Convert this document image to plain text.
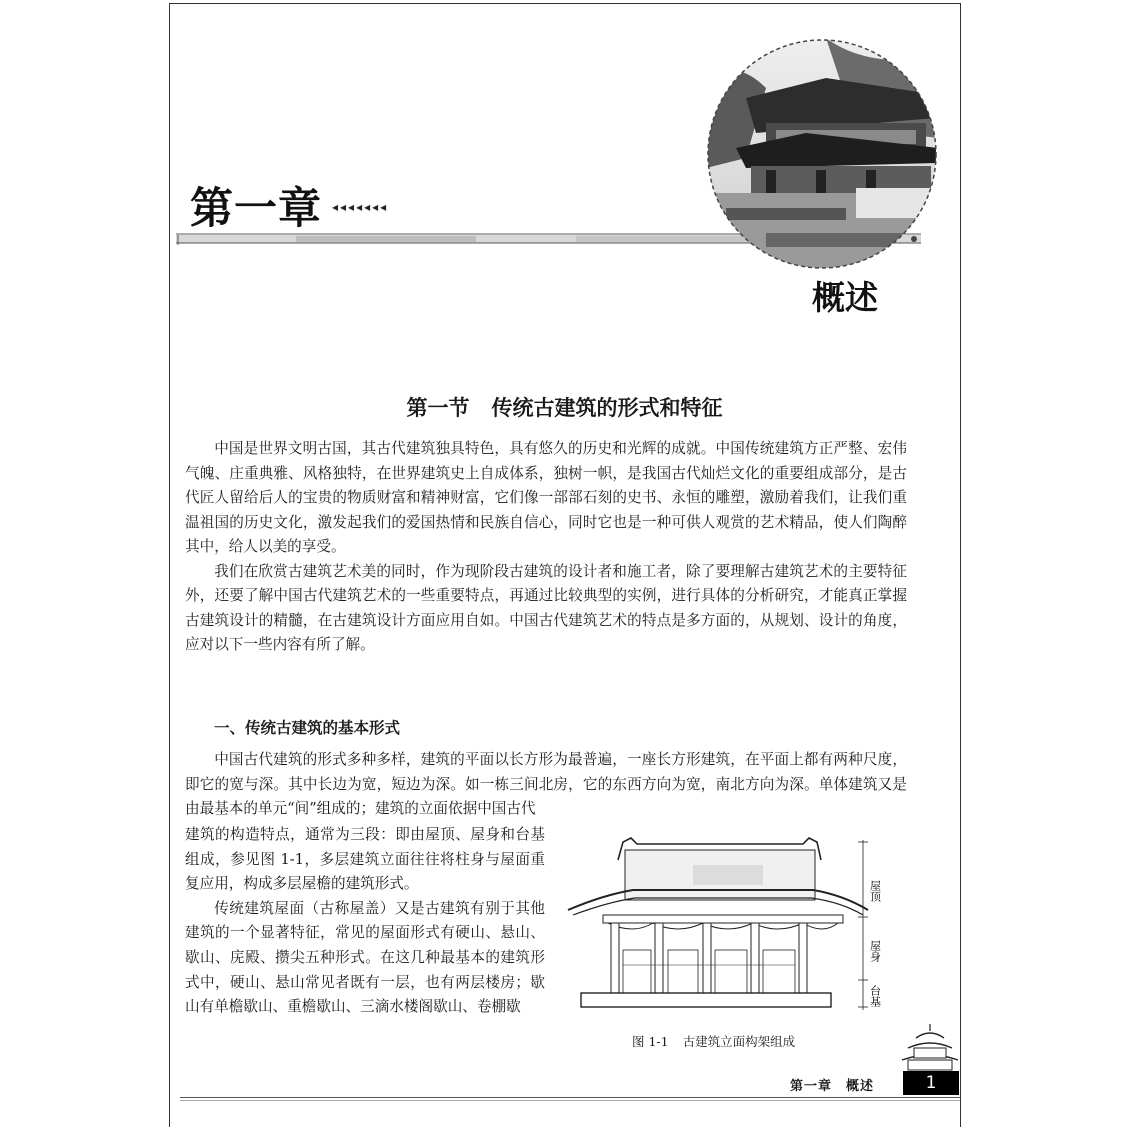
第一章 ◂◂◂◂◂◂◂
概述
第一节 传统古建筑的形式和特征

中国是世界文明古国，其古代建筑独具特色，具有悠久的历史和光辉的成就。中国传统建筑方正严整、宏伟气魄、庄重典雅、风格独特，在世界建筑史上自成体系，独树一帜，是我国古代灿烂文化的重要组成部分，是古代匠人留给后人的宝贵的物质财富和精神财富，它们像一部部石刻的史书、永恒的雕塑，激励着我们，让我们重温祖国的历史文化，激发起我们的爱国热情和民族自信心，同时它也是一种可供人观赏的艺术精品，使人们陶醉其中，给人以美的享受。

我们在欣赏古建筑艺术美的同时，作为现阶段古建筑的设计者和施工者，除了要理解古建筑艺术的主要特征外，还要了解中国古代建筑艺术的一些重要特点，再通过比较典型的实例，进行具体的分析研究，才能真正掌握古建筑设计的精髓，在古建筑设计方面应用自如。中国古代建筑艺术的特点是多方面的，从规划、设计的角度，应对以下一些内容有所了解。

一、传统古建筑的基本形式

中国古代建筑的形式多种多样，建筑的平面以长方形为最普遍，一座长方形建筑，在平面上都有两种尺度，即它的宽与深。其中长边为宽，短边为深。如一栋三间北房，它的东西方向为宽，南北方向为深。单体建筑又是由最基本的单元“间”组成的；建筑的立面依据中国古代

建筑的构造特点，通常为三段：即由屋顶、屋身和台基组成，参见图 1-1，多层建筑立面往往将柱身与屋面重复应用，构成多层屋檐的建筑形式。

传统建筑屋面（古称屋盖）又是古建筑有别于其他建筑的一个显著特征，常见的屋面形式有硬山、悬山、歇山、庑殿、攒尖五种形式。在这几种最基本的建筑形式中，硬山、悬山常见者既有一层，也有两层楼房；歇山有单檐歇山、重檐歇山、三滴水楼阁歇山、卷棚歇

屋顶
屋身
台基
图 1-1 古建筑立面构架组成
第一章　概述	1
